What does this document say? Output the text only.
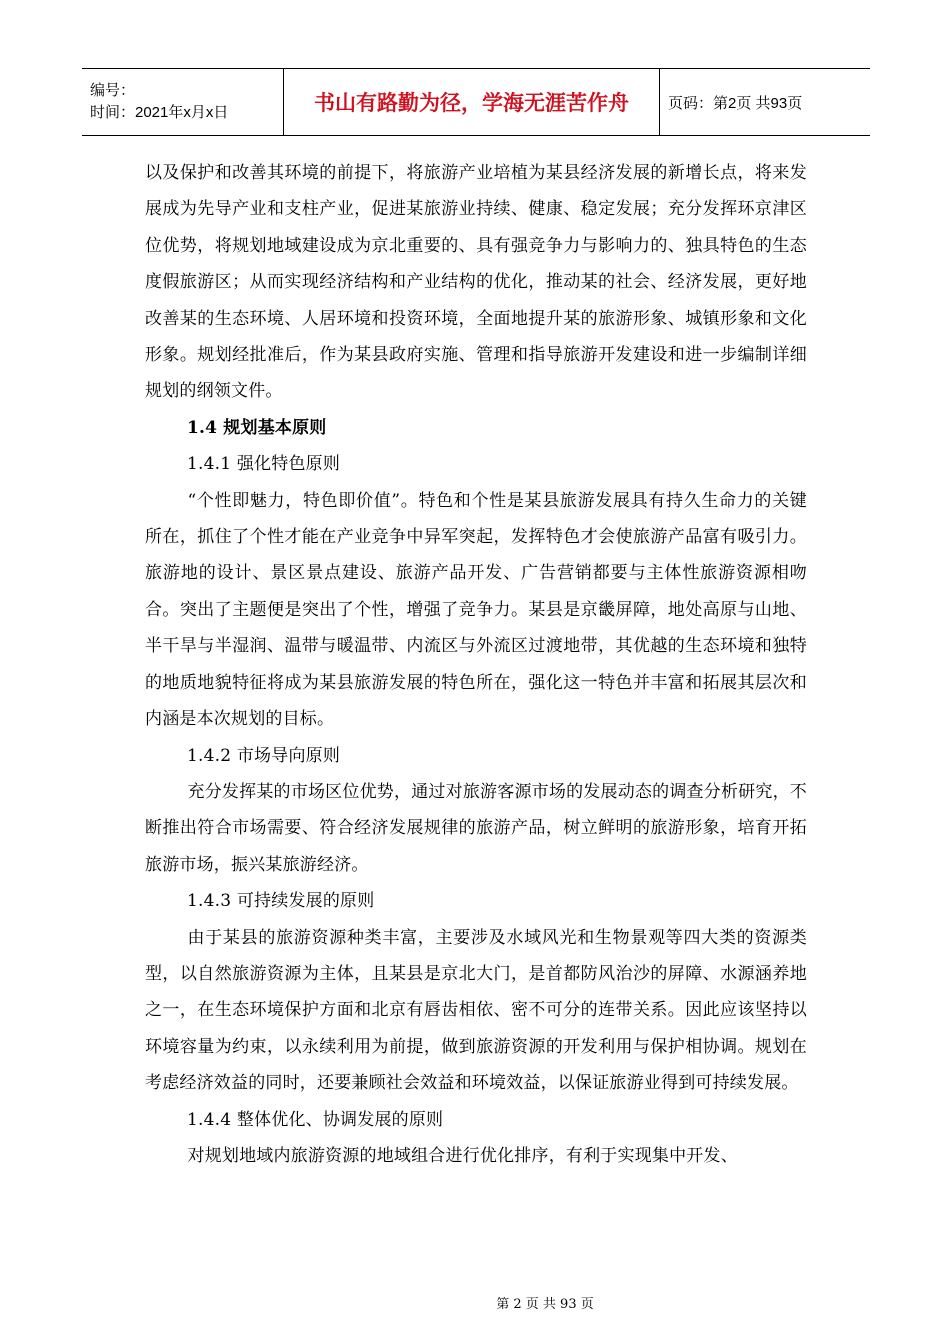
编号：
时间：2021年x月x日	书山有路勤为径，学海无涯苦作舟	页码：第2页 共93页

以及保护和改善其环境的前提下，将旅游产业培植为某县经济发展的新增长点，将来发展成为先导产业和支柱产业，促进某旅游业持续、健康、稳定发展；充分发挥环京津区位优势，将规划地域建设成为京北重要的、具有强竞争力与影响力的、独具特色的生态度假旅游区；从而实现经济结构和产业结构的优化，推动某的社会、经济发展，更好地改善某的生态环境、人居环境和投资环境，全面地提升某的旅游形象、城镇形象和文化形象。规划经批准后，作为某县政府实施、管理和指导旅游开发建设和进一步编制详细规划的纲领文件。

1.4 规划基本原则

1.4.1 强化特色原则

“个性即魅力，特色即价值”。特色和个性是某县旅游发展具有持久生命力的关键所在，抓住了个性才能在产业竞争中异军突起，发挥特色才会使旅游产品富有吸引力。旅游地的设计、景区景点建设、旅游产品开发、广告营销都要与主体性旅游资源相吻合。突出了主题便是突出了个性，增强了竞争力。某县是京畿屏障，地处高原与山地、半干旱与半湿润、温带与暖温带、内流区与外流区过渡地带，其优越的生态环境和独特的地质地貌特征将成为某县旅游发展的特色所在，强化这一特色并丰富和拓展其层次和内涵是本次规划的目标。

1.4.2 市场导向原则

充分发挥某的市场区位优势，通过对旅游客源市场的发展动态的调查分析研究，不断推出符合市场需要、符合经济发展规律的旅游产品，树立鲜明的旅游形象，培育开拓旅游市场，振兴某旅游经济。

1.4.3 可持续发展的原则

由于某县的旅游资源种类丰富，主要涉及水域风光和生物景观等四大类的资源类型，以自然旅游资源为主体，且某县是京北大门，是首都防风治沙的屏障、水源涵养地之一，在生态环境保护方面和北京有唇齿相依、密不可分的连带关系。因此应该坚持以环境容量为约束，以永续利用为前提，做到旅游资源的开发利用与保护相协调。规划在考虑经济效益的同时，还要兼顾社会效益和环境效益，以保证旅游业得到可持续发展。

1.4.4 整体优化、协调发展的原则

对规划地域内旅游资源的地域组合进行优化排序，有利于实现集中开发、

第 2 页 共 93 页
